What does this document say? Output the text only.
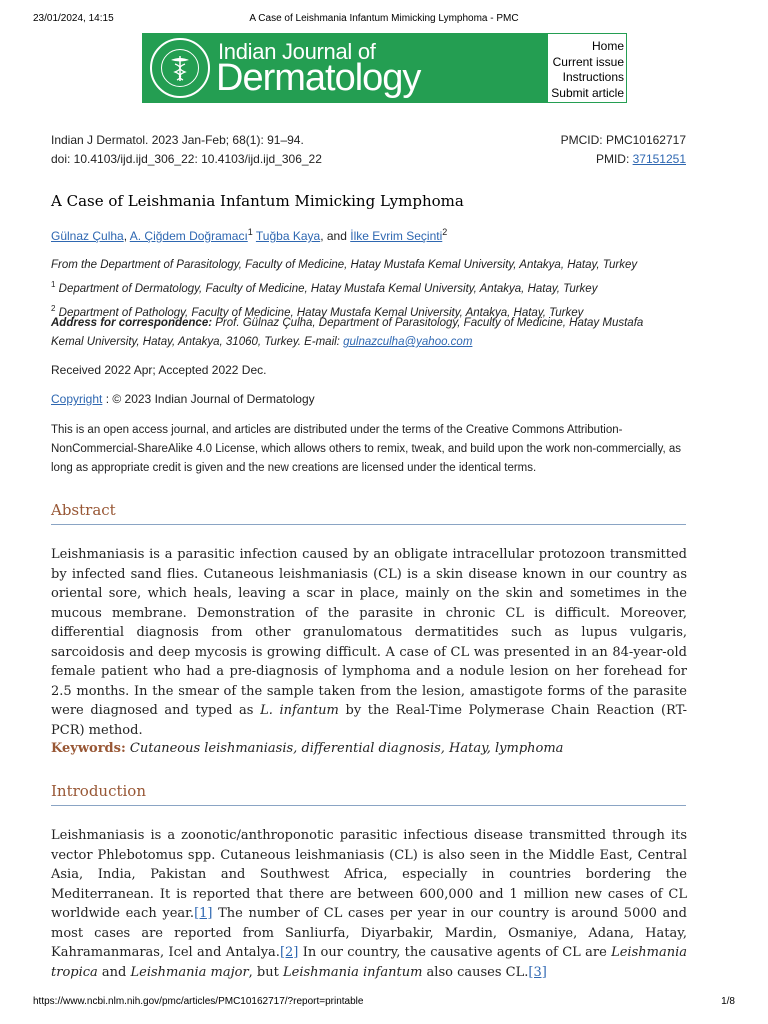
23/01/2024, 14:15	A Case of Leishmania Infantum Mimicking Lymphoma - PMC
Indian Journal of
Dermatology
Home
Current issue
Instructions
Submit article
Indian J Dermatol. 2023 Jan-Feb; 68(1): 91–94.
doi: 10.4103/ijd.ijd_306_22: 10.4103/ijd.ijd_306_22
PMCID: PMC10162717
PMID: 37151251
A Case of Leishmania Infantum Mimicking Lymphoma
Gülnaz Çulha, A. Çiğdem Doğramacı$^1$ Tuğba Kaya, and İlke Evrim Seçinti$^2$
From the Department of Parasitology, Faculty of Medicine, Hatay Mustafa Kemal University, Antakya, Hatay, Turkey
$^1$ Department of Dermatology, Faculty of Medicine, Hatay Mustafa Kemal University, Antakya, Hatay, Turkey
$^2$ Department of Pathology, Faculty of Medicine, Hatay Mustafa Kemal University, Antakya, Hatay, Turkey
Address for correspondence: Prof. Gülnaz Çulha, Department of Parasitology, Faculty of Medicine, Hatay Mustafa Kemal University, Hatay, Antakya, 31060, Turkey. E-mail: gulnazculha@yahoo.com
Received 2022 Apr; Accepted 2022 Dec.
Copyright : © 2023 Indian Journal of Dermatology
This is an open access journal, and articles are distributed under the terms of the Creative Commons Attribution-NonCommercial-ShareAlike 4.0 License, which allows others to remix, tweak, and build upon the work non-commercially, as long as appropriate credit is given and the new creations are licensed under the identical terms.
Abstract
Leishmaniasis is a parasitic infection caused by an obligate intracellular protozoon transmitted by infected sand flies. Cutaneous leishmaniasis (CL) is a skin disease known in our country as oriental sore, which heals, leaving a scar in place, mainly on the skin and sometimes in the mucous membrane. Demonstration of the parasite in chronic CL is difficult. Moreover, differential diagnosis from other granulomatous dermatitides such as lupus vulgaris, sarcoidosis and deep mycosis is growing difficult. A case of CL was presented in an 84-year-old female patient who had a pre-diagnosis of lymphoma and a nodule lesion on her forehead for 2.5 months. In the smear of the sample taken from the lesion, amastigote forms of the parasite were diagnosed and typed as L. infantum by the Real-Time Polymerase Chain Reaction (RT-PCR) method.
Keywords: Cutaneous leishmaniasis, differential diagnosis, Hatay, lymphoma
Introduction
Leishmaniasis is a zoonotic/anthroponotic parasitic infectious disease transmitted through its vector Phlebotomus spp. Cutaneous leishmaniasis (CL) is also seen in the Middle East, Central Asia, India, Pakistan and Southwest Africa, especially in countries bordering the Mediterranean. It is reported that there are between 600,000 and 1 million new cases of CL worldwide each year.[1] The number of CL cases per year in our country is around 5000 and most cases are reported from Sanliurfa, Diyarbakir, Mardin, Osmaniye, Adana, Hatay, Kahramanmaras, Icel and Antalya.[2] In our country, the causative agents of CL are Leishmania tropica and Leishmania major, but Leishmania infantum also causes CL.[3]
https://www.ncbi.nlm.nih.gov/pmc/articles/PMC10162717/?report=printable	1/8
